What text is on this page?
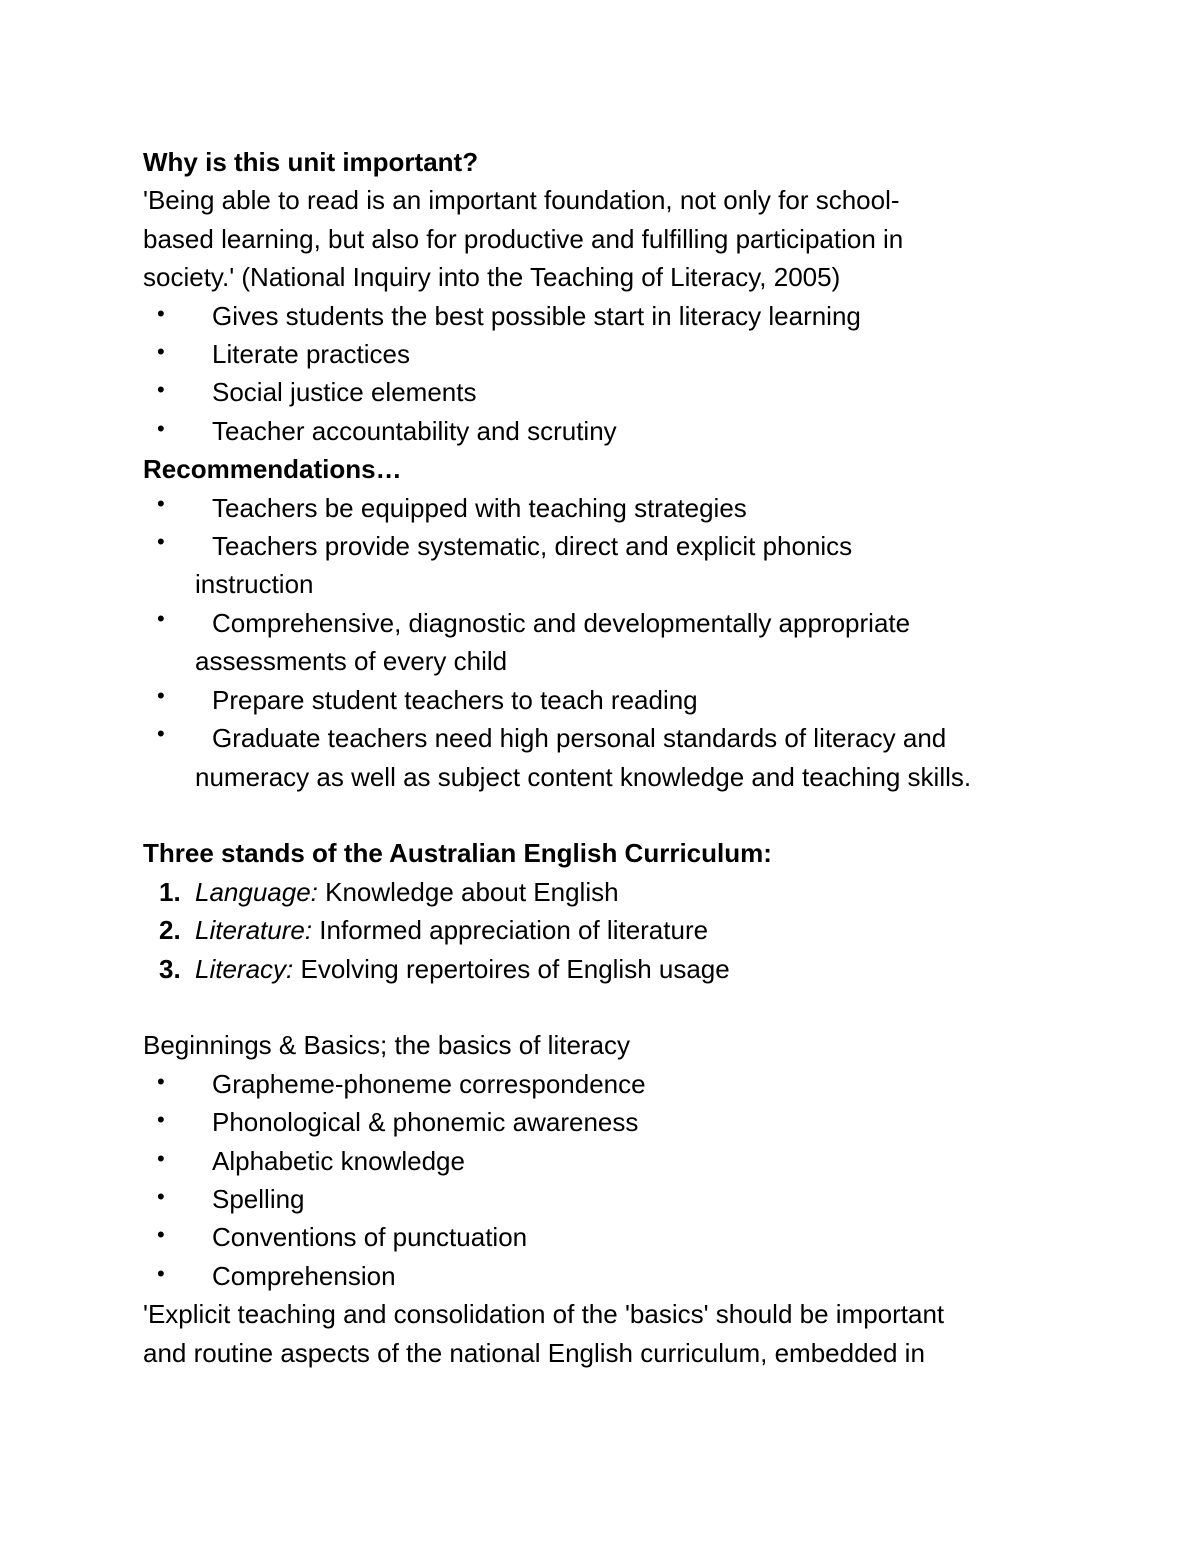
Why is this unit important?

'Being able to read is an important foundation, not only for school-

based learning, but also for productive and fulfilling participation in

society.' (National Inquiry into the Teaching of Literacy, 2005)

• Gives students the best possible start in literacy learning
• Literate practices
• Social justice elements
• Teacher accountability and scrutiny

Recommendations…

•	Teachers be equipped with teaching strategies
•	Teachers provide systematic, direct and explicit phonics
instruction
•	Comprehensive, diagnostic and developmentally appropriate
assessments of every child
•	Prepare student teachers to teach reading
•	Graduate teachers need high personal standards of literacy and
numeracy as well as subject content knowledge and teaching skills.

Three stands of the Australian English Curriculum:

1. Language: Knowledge about English
2. Literature: Informed appreciation of literature
3. Literacy: Evolving repertoires of English usage

Beginnings & Basics; the basics of literacy

• Grapheme-phoneme correspondence
• Phonological & phonemic awareness
• Alphabetic knowledge
• Spelling
• Conventions of punctuation
• Comprehension

'Explicit teaching and consolidation of the 'basics' should be important

and routine aspects of the national English curriculum, embedded in
